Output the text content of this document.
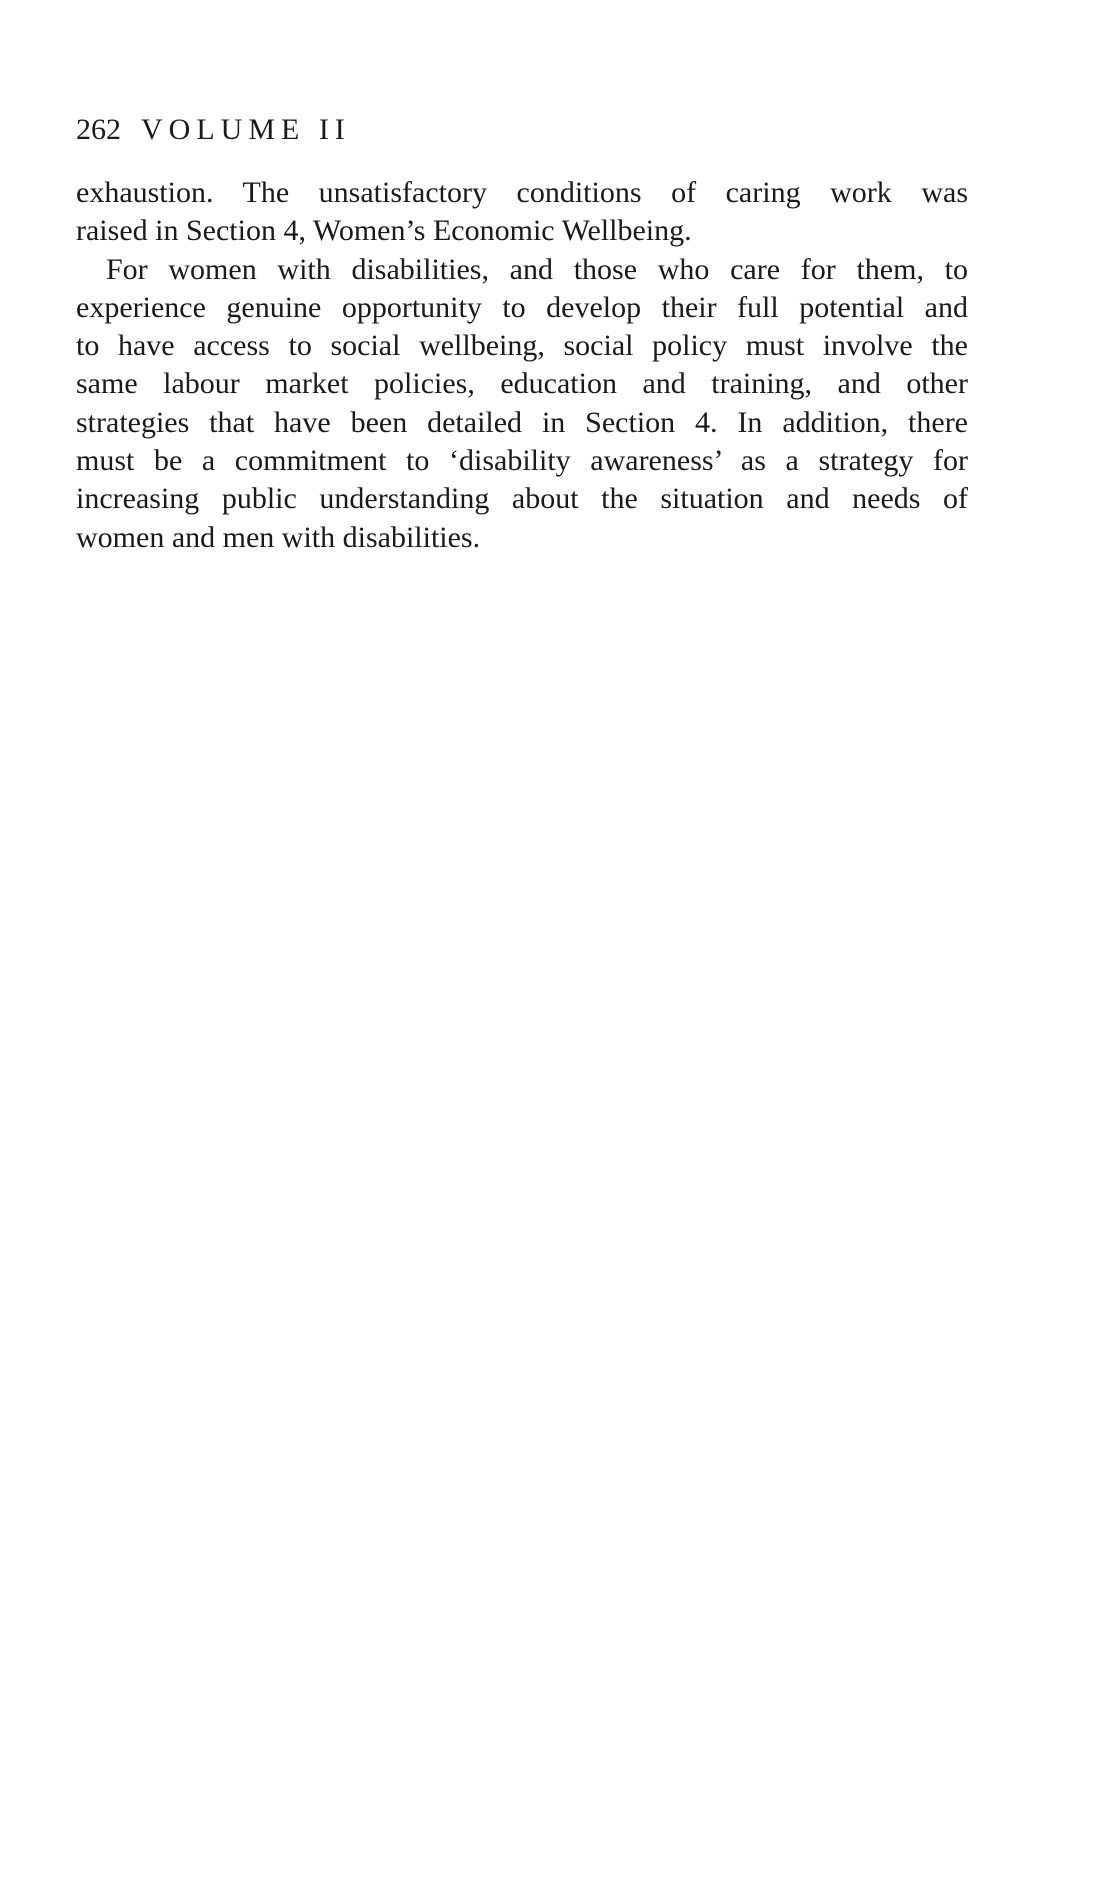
262 VOLUME II
exhaustion. The unsatisfactory conditions of caring work was
raised in Section 4, Women’s Economic Wellbeing.
For women with disabilities, and those who care for them, to
experience genuine opportunity to develop their full potential and
to have access to social wellbeing, social policy must involve the
same labour market policies, education and training, and other
strategies that have been detailed in Section 4. In addition, there
must be a commitment to ‘disability awareness’ as a strategy for
increasing public understanding about the situation and needs of
women and men with disabilities.
